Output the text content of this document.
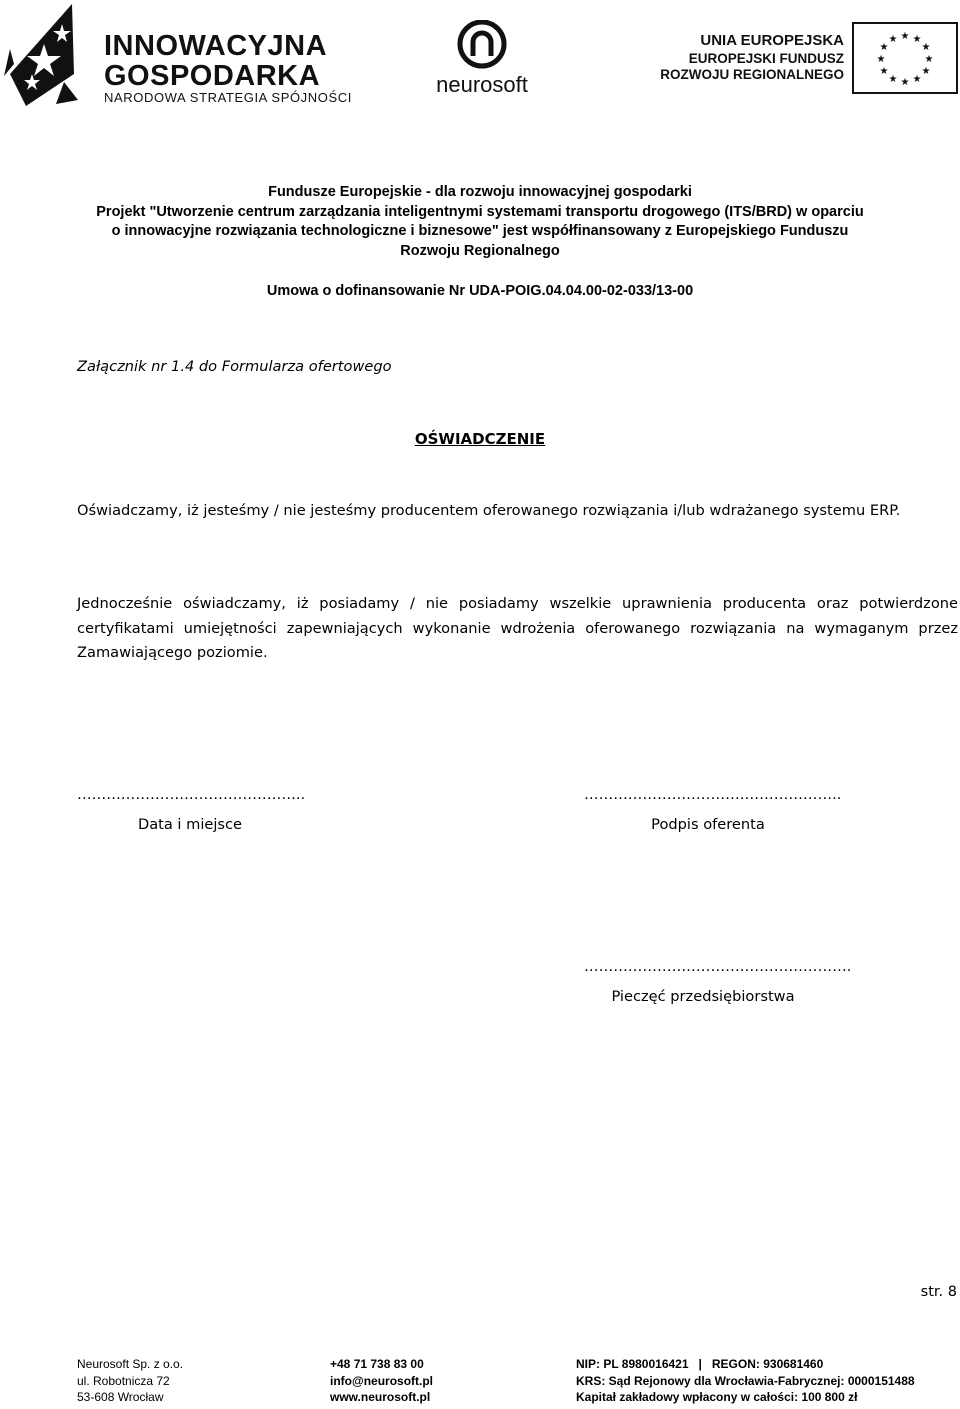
INNOWACYJNA
GOSPODARKA
NARODOWA STRATEGIA SPÓJNOŚCI
neurosoft
UNIA EUROPEJSKA
EUROPEJSKI FUNDUSZ
ROZWOJU REGIONALNEGO
★ ★
★
★
★
★
★
★
★
★
★
★

Fundusze Europejskie - dla rozwoju innowacyjnej gospodarki

Projekt "Utworzenie centrum zarządzania inteligentnymi systemami transportu drogowego (ITS/BRD) w oparciu

o innowacyjne rozwiązania technologiczne i biznesowe" jest współfinansowany z Europejskiego Funduszu

Rozwoju Regionalnego

Umowa o dofinansowanie Nr UDA-POIG.04.04.00-02-033/13-00
Załącznik nr 1.4 do Formularza ofertowego
OŚWIADCZENIE

Oświadczamy, iż jesteśmy / nie jesteśmy producentem oferowanego rozwiązania i/lub wdrażanego systemu ERP.

Jednocześnie oświadczamy, iż posiadamy / nie posiadamy wszelkie uprawnienia producenta oraz potwierdzone certyfikatami umiejętności zapewniających wykonanie wdrożenia oferowanego rozwiązania na wymaganym przez Zamawiającego poziomie.

………………………………………..
Data i miejsce
……………………………………………..
Podpis oferenta
……………………………………………….
Pieczęć przedsiębiorstwa
str. 8
Neurosoft Sp. z o.o.
ul. Robotnicza 72
53-608 Wrocław
+48 71 738 83 00
info@neurosoft.pl
www.neurosoft.pl
NIP: PL 8980016421   |   REGON: 930681460
KRS: Sąd Rejonowy dla Wrocławia-Fabrycznej: 0000151488
Kapitał zakładowy wpłacony w całości: 100 800 zł
